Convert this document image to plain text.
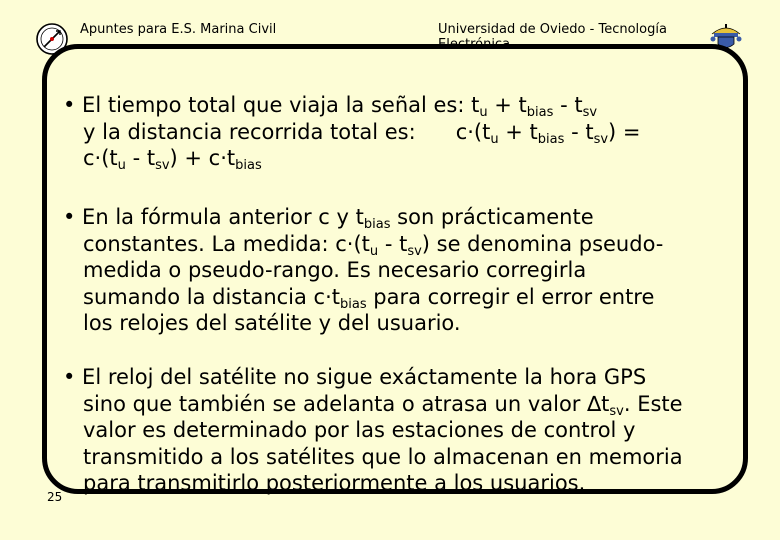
Apuntes para E.S. Marina Civil	Universidad de Oviedo - Tecnología Electrónica
• El tiempo total que viaja la señal es: $t_u + t_{bias} - t_{sv}$
y la distancia recorrida total es:      $c\cdot(t_u + t_{bias} - t_{sv})$ =
$c\cdot(t_u - t_{sv}) + c\cdot t_{bias}$
• En la fórmula anterior c y $t_{bias}$ son prácticamente
constantes. La medida: $c\cdot(t_u - t_{sv})$ se denomina pseudo-
medida o pseudo-rango. Es necesario corregirla
sumando la distancia $c\cdot t_{bias}$ para corregir el error entre
los relojes del satélite y del usuario.
• El reloj del satélite no sigue exáctamente la hora GPS
sino que también se adelanta o atrasa un valor $\Delta t_{sv}$. Este
valor es determinado por las estaciones de control y
transmitido a los satélites que lo almacenan en memoria
para transmitirlo posteriormente a los usuarios.
25
